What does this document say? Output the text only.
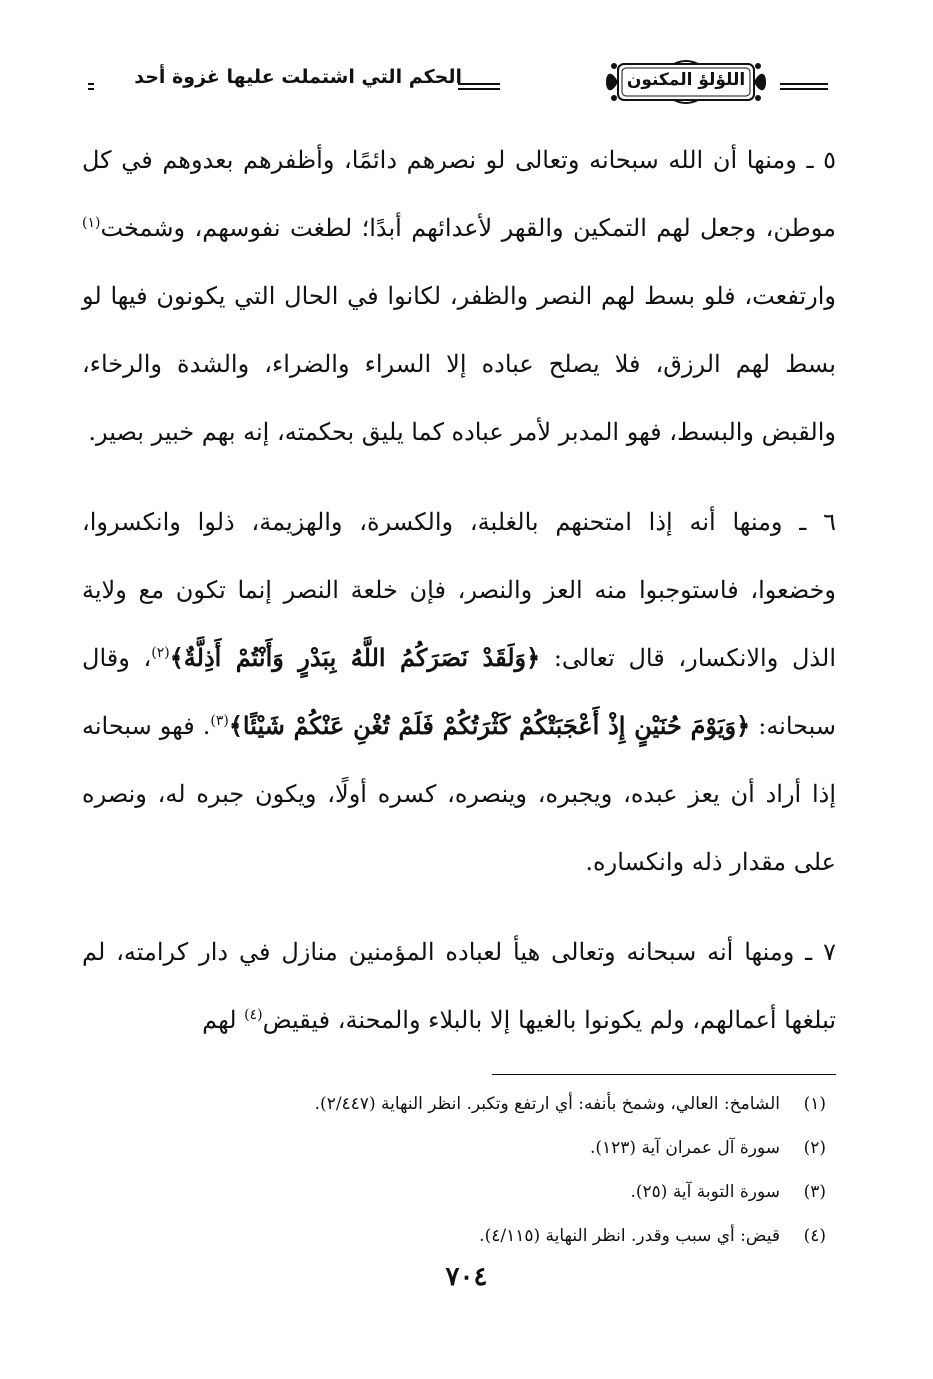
اللؤلؤ المكنون
الحكم التي اشتملت عليها غزوة أحد

٥ ـ ومنها أن الله سبحانه وتعالى لو نصرهم دائمًا، وأظفرهم بعدوهم في كل موطن، وجعل لهم التمكين والقهر لأعدائهم أبدًا؛ لطغت نفوسهم، وشمخت$^{(١)}$ وارتفعت، فلو بسط لهم النصر والظفر، لكانوا في الحال التي يكونون فيها لو بسط لهم الرزق، فلا يصلح عباده إلا السراء والضراء، والشدة والرخاء، والقبض والبسط، فهو المدبر لأمر عباده كما يليق بحكمته، إنه بهم خبير بصير.

٦ ـ ومنها أنه إذا امتحنهم بالغلبة، والكسرة، والهزيمة، ذلوا وانكسروا، وخضعوا، فاستوجبوا منه العز والنصر، فإن خلعة النصر إنما تكون مع ولاية الذل والانكسار، قال تعالى: ﴿وَلَقَدْ نَصَرَكُمُ اللَّهُ بِبَدْرٍ وَأَنْتُمْ أَذِلَّةٌ﴾$^{(٢)}$، وقال سبحانه: ﴿وَيَوْمَ حُنَيْنٍ إِذْ أَعْجَبَتْكُمْ كَثْرَتُكُمْ فَلَمْ تُغْنِ عَنْكُمْ شَيْئًا﴾$^{(٣)}$. فهو سبحانه إذا أراد أن يعز عبده، ويجبره، وينصره، كسره أولًا، ويكون جبره له، ونصره على مقدار ذله وانكساره.

٧ ـ ومنها أنه سبحانه وتعالى هيأ لعباده المؤمنين منازل في دار كرامته، لم تبلغها أعمالهم، ولم يكونوا بالغيها إلا بالبلاء والمحنة، فيقيض$^{(٤)}$ لهم

(١)الشامخ: العالي، وشمخ بأنفه: أي ارتفع وتكبر. انظر النهاية (٢/٤٤٧).
(٢)سورة آل عمران آية (١٢٣).
(٣)سورة التوبة آية (٢٥).
(٤)قيض: أي سبب وقدر. انظر النهاية (٤/١١٥).
٧٠٤
